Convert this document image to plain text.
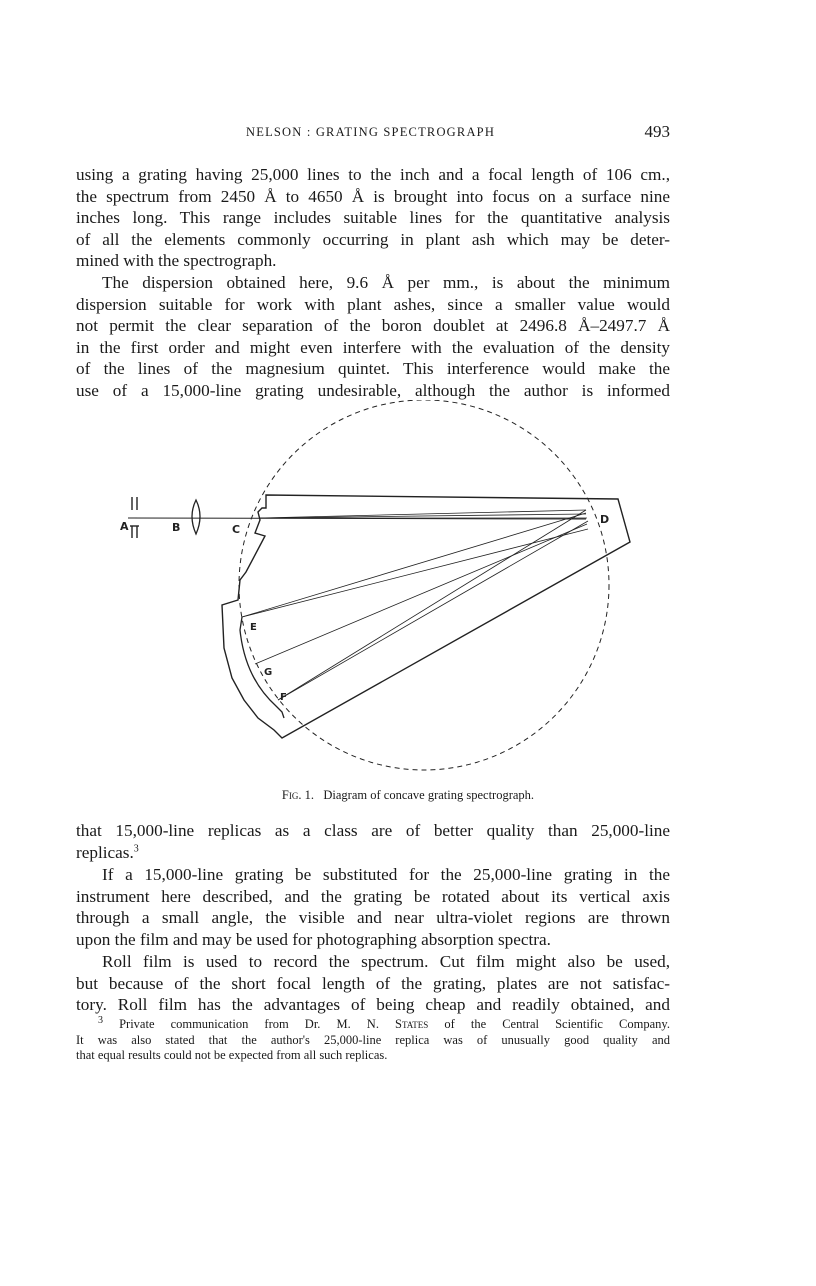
NELSON : GRATING SPECTROGRAPH	493

using a grating having 25,000 lines to the inch and a focal length of 106 cm.,
the spectrum from 2450 Å to 4650 Å is brought into focus on a surface nine
inches long. This range includes suitable lines for the quantitative analysis
of all the elements commonly occurring in plant ash which may be deter-
mined with the spectrograph.

The dispersion obtained here, 9.6 Å per mm., is about the minimum
dispersion suitable for work with plant ashes, since a smaller value would
not permit the clear separation of the boron doublet at 2496.8 Å–2497.7 Å
in the first order and might even interfere with the evaluation of the density
of the lines of the magnesium quintet. This interference would make the
use of a 15,000-line grating undesirable, although the author is informed

A	B	C
D
E
G
F
Fig. 1. Diagram of concave grating spectrograph.

that 15,000-line replicas as a class are of better quality than 25,000-line
replicas.$^3$

If a 15,000-line grating be substituted for the 25,000-line grating in the
instrument here described, and the grating be rotated about its vertical axis
through a small angle, the visible and near ultra-violet regions are thrown
upon the film and may be used for photographing absorption spectra.

Roll film is used to record the spectrum. Cut film might also be used,
but because of the short focal length of the grating, plates are not satisfac-
tory. Roll film has the advantages of being cheap and readily obtained, and

$^3$ Private communication from Dr. M. N. States of the Central Scientific Company.
It was also stated that the author's 25,000-line replica was of unusually good quality and
that equal results could not be expected from all such replicas.
